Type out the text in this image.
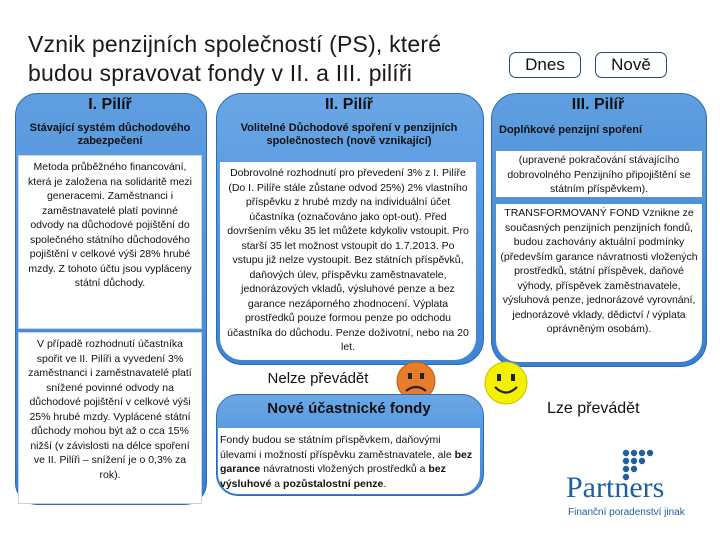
Vznik penzijních společností (PS), které budou spravovat fondy v II. a III. pilíři	Dnes	Nově
I. Pilíř
Stávající systém důchodového zabezpečení
Metoda průběžného financování, která je založena na solidaritě mezi generacemi. Zaměstnanci i zaměstnavatelé platí povinné odvody na důchodové pojištění do společného státního důchodového pojištění v celkové výši 28% hrubé mzdy. Z tohoto účtu jsou vypláceny státní důchody.
V případě rozhodnutí účastníka spořit ve II. Pilíři a vyvedení 3% zaměstnanci i zaměstnavatelé platí snížené povinné odvody na důchodové pojištění v celkové výši 25% hrubé mzdy. Vyplácené státní důchody mohou být až o cca 15% nižší (v závislosti na délce spoření ve II. Pilíři – snížení je o 0,3% za rok).
II. Pilíř
Volitelné Důchodové spoření v penzijních společnostech (nově vznikající)
Dobrovolné rozhodnutí pro převedení 3% z I. Pilíře (Do I. Pilíře stále zůstane odvod 25%) 2% vlastního příspěvku z hrubé mzdy na individuální účet účastníka (označováno jako opt-out). Před dovršením věku 35 let můžete kdykoliv vstoupit. Pro starší 35 let možnost vstoupit do 1.7.2013. Po vstupu již nelze vystoupit. Bez státních příspěvků, daňových úlev, příspěvku zaměstnavatele, jednorázových vkladů, výsluhové penze a bez garance nezáporného zhodnocení. Výplata prostředků pouze formou penze po odchodu účastníka do důchodu. Penze doživotní, nebo na 20 let.
Nelze převádět
Nové účastnické fondy
Fondy budou se státním příspěvkem, daňovými úlevami i možností příspěvku zaměstnavatele, ale bez garance návratnosti vložených prostředků a bez výsluhové a pozůstalostní penze.
III. Pilíř
Doplňkové penzijní spoření
(upravené pokračování stávajícího dobrovolného Penzijního připojištění se státním příspěvkem).
TRANSFORMOVANÝ FOND Vznikne ze současných penzijních penzijních fondů, budou zachovány aktuální podmínky (především garance návratnosti vložených prostředků, státní příspěvek, daňové výhody, příspěvek zaměstnavatele, výsluhová penze, jednorázové vyrovnání, jednorázové vklady, dědictví / výplata oprávněným osobám).
Lze převádět
Partners
Finanční poradenství jinak
